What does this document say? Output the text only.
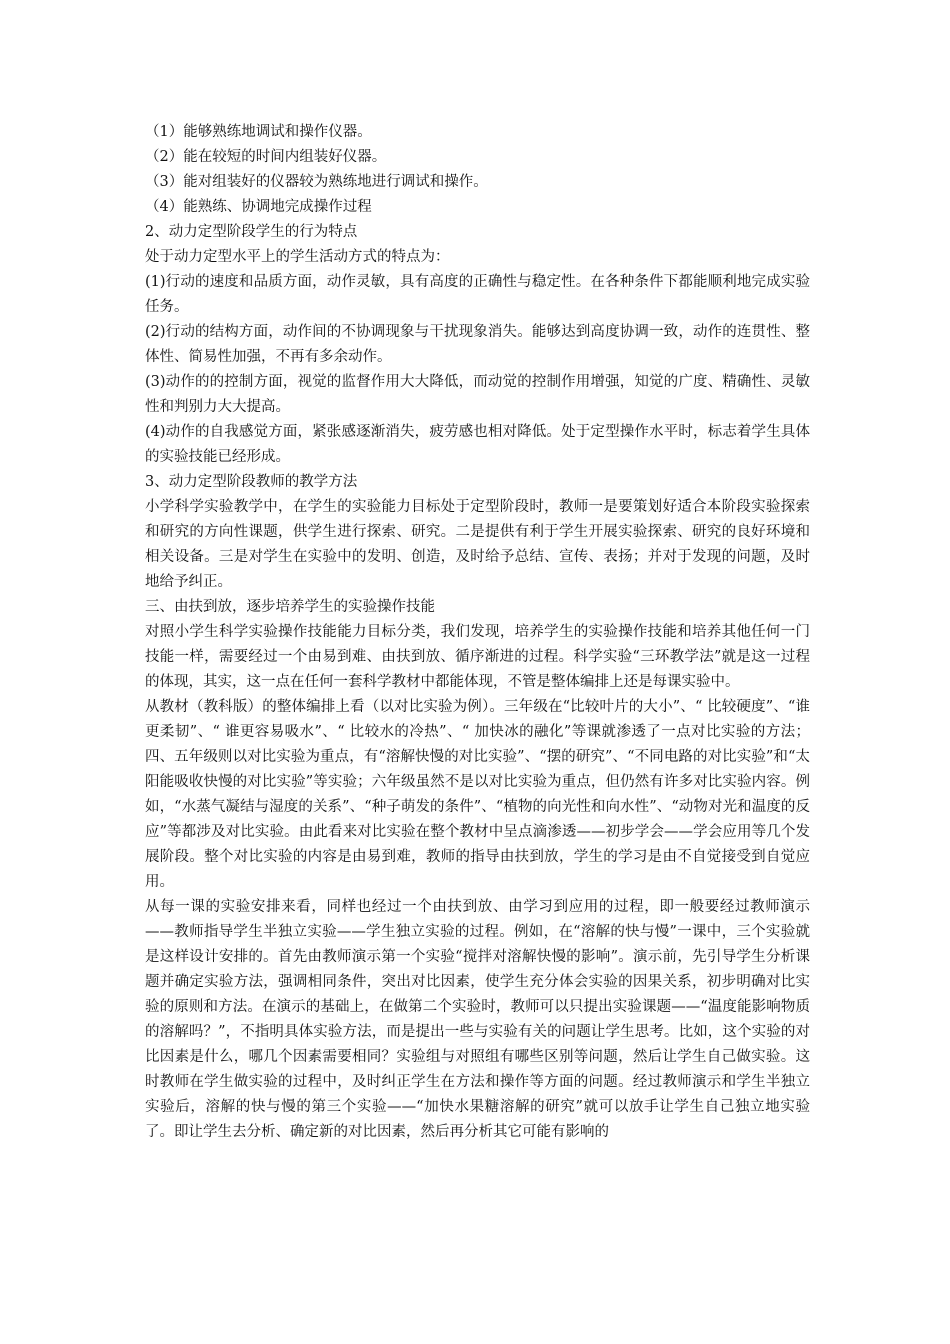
（1）能够熟练地调试和操作仪器。

（2）能在较短的时间内组装好仪器。

（3）能对组装好的仪器较为熟练地进行调试和操作。

（4）能熟练、协调地完成操作过程

2、动力定型阶段学生的行为特点

处于动力定型水平上的学生活动方式的特点为：

(1)行动的速度和品质方面，动作灵敏，具有高度的正确性与稳定性。在各种条件下都能顺利地完成实验任务。

(2)行动的结构方面，动作间的不协调现象与干扰现象消失。能够达到高度协调一致，动作的连贯性、整体性、简易性加强，不再有多余动作。

(3)动作的的控制方面，视觉的监督作用大大降低，而动觉的控制作用增强，知觉的广度、精确性、灵敏性和判别力大大提高。

(4)动作的自我感觉方面，紧张感逐渐消失，疲劳感也相对降低。处于定型操作水平时，标志着学生具体的实验技能已经形成。

3、动力定型阶段教师的教学方法

小学科学实验教学中，在学生的实验能力目标处于定型阶段时，教师一是要策划好适合本阶段实验探索和研究的方向性课题，供学生进行探索、研究。二是提供有利于学生开展实验探索、研究的良好环境和相关设备。三是对学生在实验中的发明、创造，及时给予总结、宣传、表扬；并对于发现的问题，及时地给予纠正。

三、由扶到放，逐步培养学生的实验操作技能

对照小学生科学实验操作技能能力目标分类，我们发现，培养学生的实验操作技能和培养其他任何一门技能一样，需要经过一个由易到难、由扶到放、循序渐进的过程。科学实验“三环教学法”就是这一过程的体现，其实，这一点在任何一套科学教材中都能体现，不管是整体编排上还是每课实验中。

从教材（教科版）的整体编排上看（以对比实验为例）。三年级在“比较叶片的大小”、“ 比较硬度”、“谁更柔韧”、“ 谁更容易吸水”、“ 比较水的冷热”、“ 加快冰的融化”等课就渗透了一点对比实验的方法；四、五年级则以对比实验为重点，有“溶解快慢的对比实验”、“摆的研究”、“不同电路的对比实验”和“太阳能吸收快慢的对比实验”等实验；六年级虽然不是以对比实验为重点，但仍然有许多对比实验内容。例如，“水蒸气凝结与湿度的关系”、“种子萌发的条件”、“植物的向光性和向水性”、“动物对光和温度的反应”等都涉及对比实验。由此看来对比实验在整个教材中呈点滴渗透——初步学会——学会应用等几个发展阶段。整个对比实验的内容是由易到难，教师的指导由扶到放，学生的学习是由不自觉接受到自觉应用。

从每一课的实验安排来看，同样也经过一个由扶到放、由学习到应用的过程，即一般要经过教师演示——教师指导学生半独立实验——学生独立实验的过程。例如，在“溶解的快与慢”一课中，三个实验就是这样设计安排的。首先由教师演示第一个实验“搅拌对溶解快慢的影响”。演示前，先引导学生分析课题并确定实验方法，强调相同条件，突出对比因素，使学生充分体会实验的因果关系，初步明确对比实验的原则和方法。在演示的基础上，在做第二个实验时，教师可以只提出实验课题——“温度能影响物质的溶解吗？”，不指明具体实验方法，而是提出一些与实验有关的问题让学生思考。比如，这个实验的对比因素是什么，哪几个因素需要相同？实验组与对照组有哪些区别等问题，然后让学生自己做实验。这时教师在学生做实验的过程中，及时纠正学生在方法和操作等方面的问题。经过教师演示和学生半独立实验后，溶解的快与慢的第三个实验——“加快水果糖溶解的研究”就可以放手让学生自己独立地实验了。即让学生去分析、确定新的对比因素，然后再分析其它可能有影响的
